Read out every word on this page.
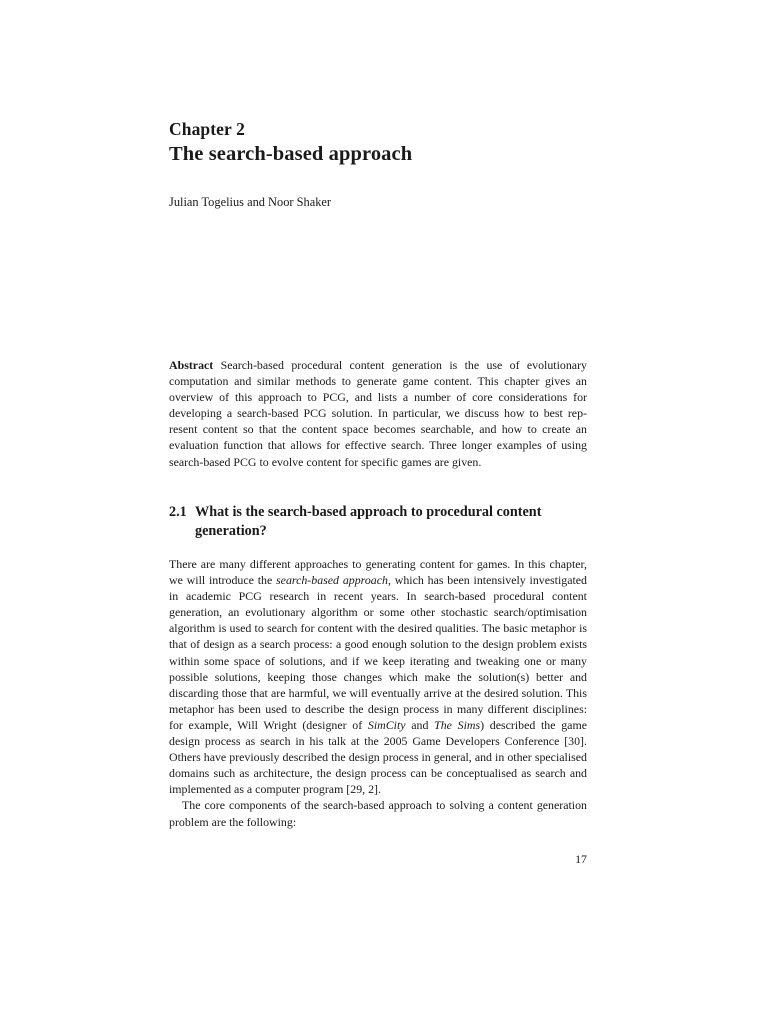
Chapter 2
The search-based approach
Julian Togelius and Noor Shaker
Abstract Search-based procedural content generation is the use of evolutionary computation and similar methods to generate game content. This chapter gives an overview of this approach to PCG, and lists a number of core considerations for developing a search-based PCG solution. In particular, we discuss how to best represent content so that the content space becomes searchable, and how to create an evaluation function that allows for effective search. Three longer examples of using search-based PCG to evolve content for specific games are given.
2.1 What is the search-based approach to procedural content generation?

There are many different approaches to generating content for games. In this chapter, we will introduce the search-based approach, which has been intensively investigated in academic PCG research in recent years. In search-based procedural content generation, an evolutionary algorithm or some other stochastic search/optimisation algorithm is used to search for content with the desired qualities. The basic metaphor is that of design as a search process: a good enough solution to the design problem exists within some space of solutions, and if we keep iterating and tweaking one or many possible solutions, keeping those changes which make the solution(s) better and discarding those that are harmful, we will eventually arrive at the desired solution. This metaphor has been used to describe the design process in many different disciplines: for example, Will Wright (designer of SimCity and The Sims) described the game design process as search in his talk at the 2005 Game Developers Conference [30]. Others have previously described the design process in general, and in other specialised domains such as architecture, the design process can be conceptualised as search and implemented as a computer program [29, 2].

The core components of the search-based approach to solving a content generation problem are the following:

17
